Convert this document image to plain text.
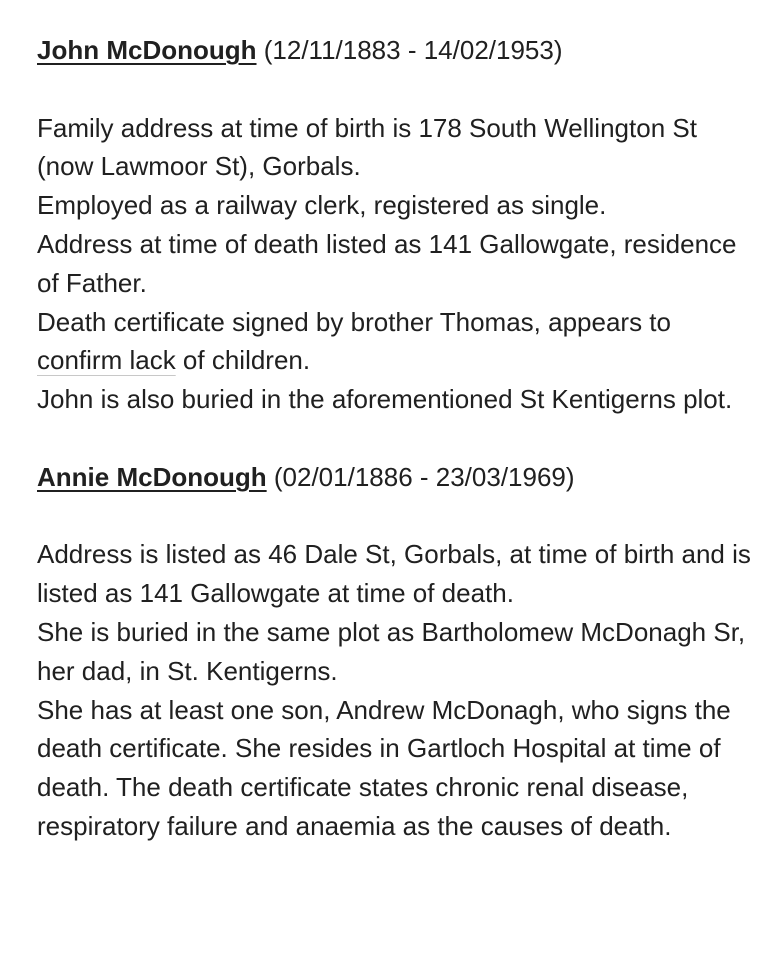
John McDonough (12/11/1883 - 14/02/1953)

Family address at time of birth is 178 South Wellington St (now Lawmoor St), Gorbals.

Employed as a railway clerk, registered as single.

Address at time of death listed as 141 Gallowgate, residence of Father.

Death certificate signed by brother Thomas, appears to confirm lack of children.

John is also buried in the aforementioned St Kentigerns plot.

Annie McDonough (02/01/1886 - 23/03/1969)

Address is listed as 46 Dale St, Gorbals, at time of birth and is listed as 141 Gallowgate at time of death.

She is buried in the same plot as Bartholomew McDonagh Sr, her dad, in St. Kentigerns.

She has at least one son, Andrew McDonagh, who signs the death certificate. She resides in Gartloch Hospital at time of death. The death certificate states chronic renal disease, respiratory failure and anaemia as the causes of death.
